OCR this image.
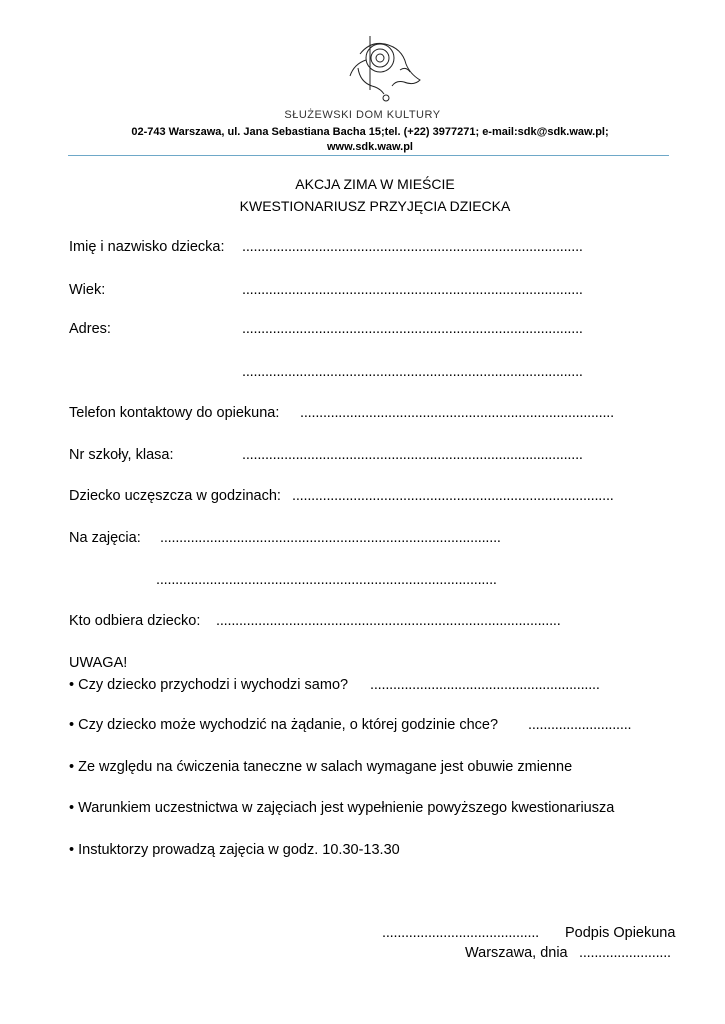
SŁUŻEWSKI DOM KULTURY
02-743 Warszawa, ul. Jana Sebastiana Bacha 15;tel. (+22) 3977271; e-mail:sdk@sdk.waw.pl;
www.sdk.waw.pl
AKCJA ZIMA W MIEŚCIE
KWESTIONARIUSZ PRZYJĘCIA DZIECKA
Imię i nazwisko dziecka: .........................................................................................
Wiek:	.........................................................................................
Adres:	.........................................................................................
.........................................................................................
Telefon kontaktowy do opiekuna: ..................................................................................
Nr szkoły, klasa:	.........................................................................................
Dziecko uczęszcza w godzinach: ....................................................................................
Na zajęcia: .........................................................................................
.........................................................................................
Kto odbiera dziecko: ..........................................................................................
UWAGA!
• Czy dziecko przychodzi i wychodzi samo? ............................................................
• Czy dziecko może wychodzić na żądanie, o której godzinie chce? ...........................
• Ze względu na ćwiczenia taneczne w salach wymagane jest obuwie zmienne
• Warunkiem uczestnictwa w zajęciach jest wypełnienie powyższego kwestionariusza
• Instuktorzy prowadzą zajęcia w godz. 10.30-13.30
......................................... Podpis Opiekuna
Warszawa, dnia ........................
